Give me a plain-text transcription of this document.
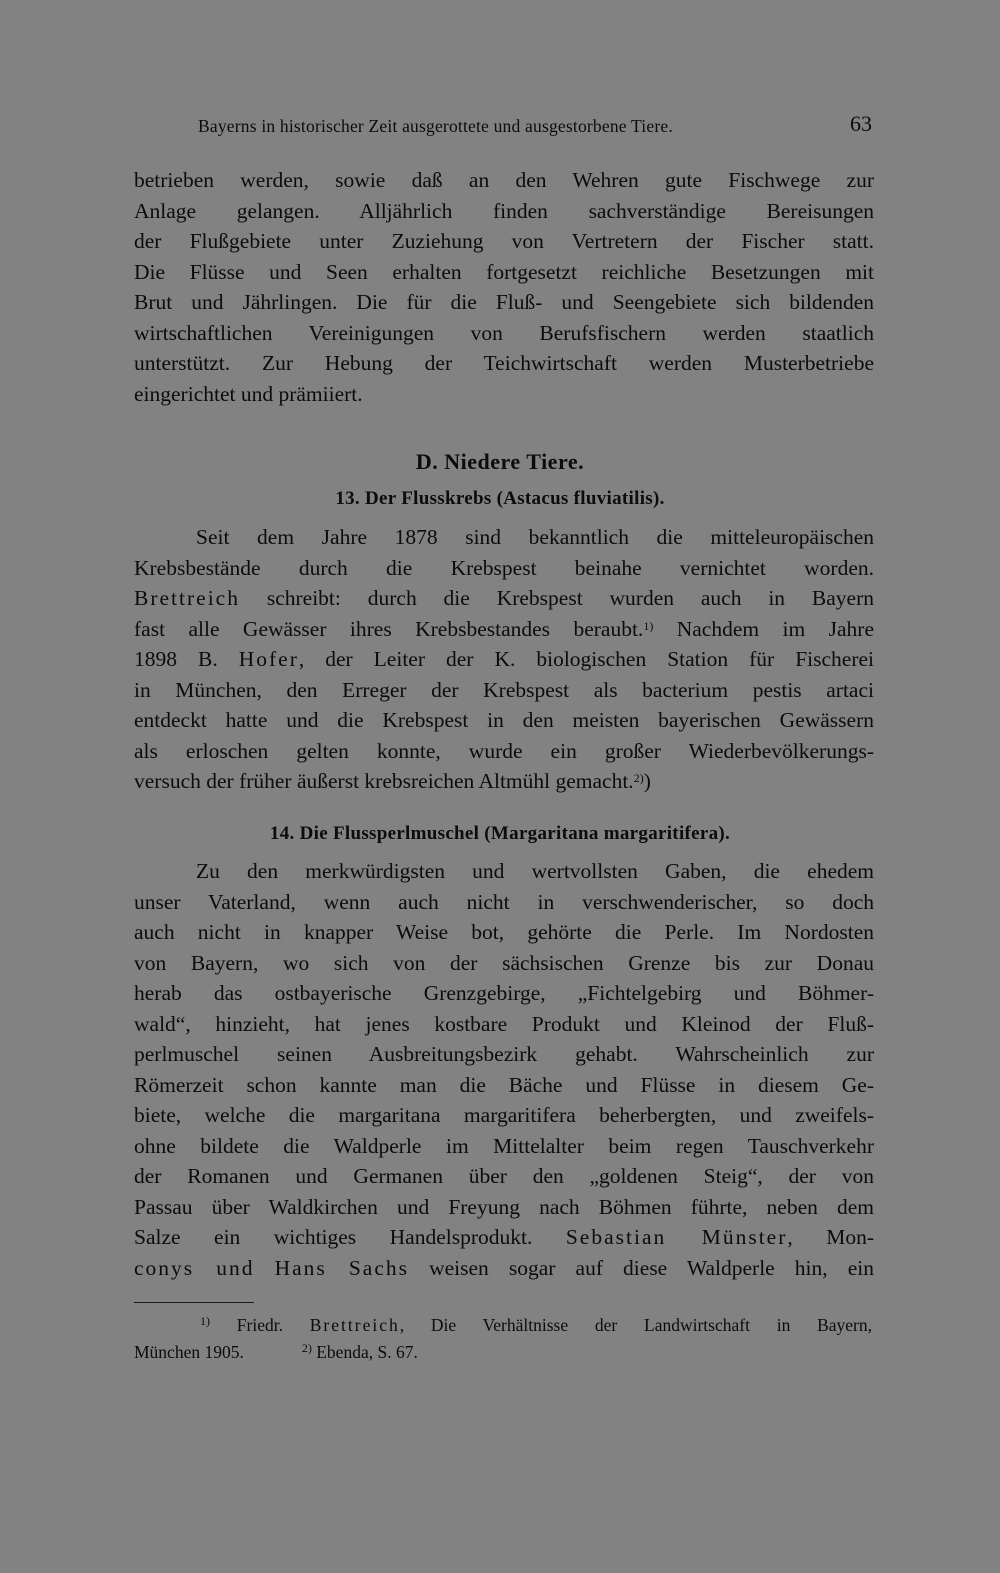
Bayerns in historischer Zeit ausgerottete und ausgestorbene Tiere.	63
betrieben werden, sowie daß an den Wehren gute Fischwege zur
Anlage gelangen. Alljährlich finden sachverständige Bereisungen
der Flußgebiete unter Zuziehung von Vertretern der Fischer statt.
Die Flüsse und Seen erhalten fortgesetzt reichliche Besetzungen mit
Brut und Jährlingen. Die für die Fluß- und Seengebiete sich bildenden
wirtschaftlichen Vereinigungen von Berufsfischern werden staatlich
unterstützt. Zur Hebung der Teichwirtschaft werden Musterbetriebe
eingerichtet und prämiiert.
D. Niedere Tiere.
13. Der Flusskrebs (Astacus fluviatilis).
Seit dem Jahre 1878 sind bekanntlich die mitteleuropäischen
Krebsbestände durch die Krebspest beinahe vernichtet worden.
Brettreich schreibt: durch die Krebspest wurden auch in Bayern
fast alle Gewässer ihres Krebsbestandes beraubt.$^{1)}$ Nachdem im Jahre
1898 B. Hofer, der Leiter der K. biologischen Station für Fischerei
in München, den Erreger der Krebspest als bacterium pestis artaci
entdeckt hatte und die Krebspest in den meisten bayerischen Gewässern
als erloschen gelten konnte, wurde ein großer Wiederbevölkerungs-
versuch der früher äußerst krebsreichen Altmühl gemacht.$^{2)}$)
14. Die Flussperlmuschel (Margaritana margaritifera).
Zu den merkwürdigsten und wertvollsten Gaben, die ehedem
unser Vaterland, wenn auch nicht in verschwenderischer, so doch
auch nicht in knapper Weise bot, gehörte die Perle. Im Nordosten
von Bayern, wo sich von der sächsischen Grenze bis zur Donau
herab das ostbayerische Grenzgebirge, „Fichtelgebirg und Böhmer-
wald“, hinzieht, hat jenes kostbare Produkt und Kleinod der Fluß-
perlmuschel seinen Ausbreitungsbezirk gehabt. Wahrscheinlich zur
Römerzeit schon kannte man die Bäche und Flüsse in diesem Ge-
biete, welche die margaritana margaritifera beherbergten, und zweifels-
ohne bildete die Waldperle im Mittelalter beim regen Tauschverkehr
der Romanen und Germanen über den „goldenen Steig“, der von
Passau über Waldkirchen und Freyung nach Böhmen führte, neben dem
Salze ein wichtiges Handelsprodukt. Sebastian Münster, Mon-
conys und Hans Sachs weisen sogar auf diese Waldperle hin, ein
$^{1)}$ Friedr. Brettreich, Die Verhältnisse der Landwirtschaft in Bayern,
München 1905.	$^{2)}$ Ebenda, S. 67.
